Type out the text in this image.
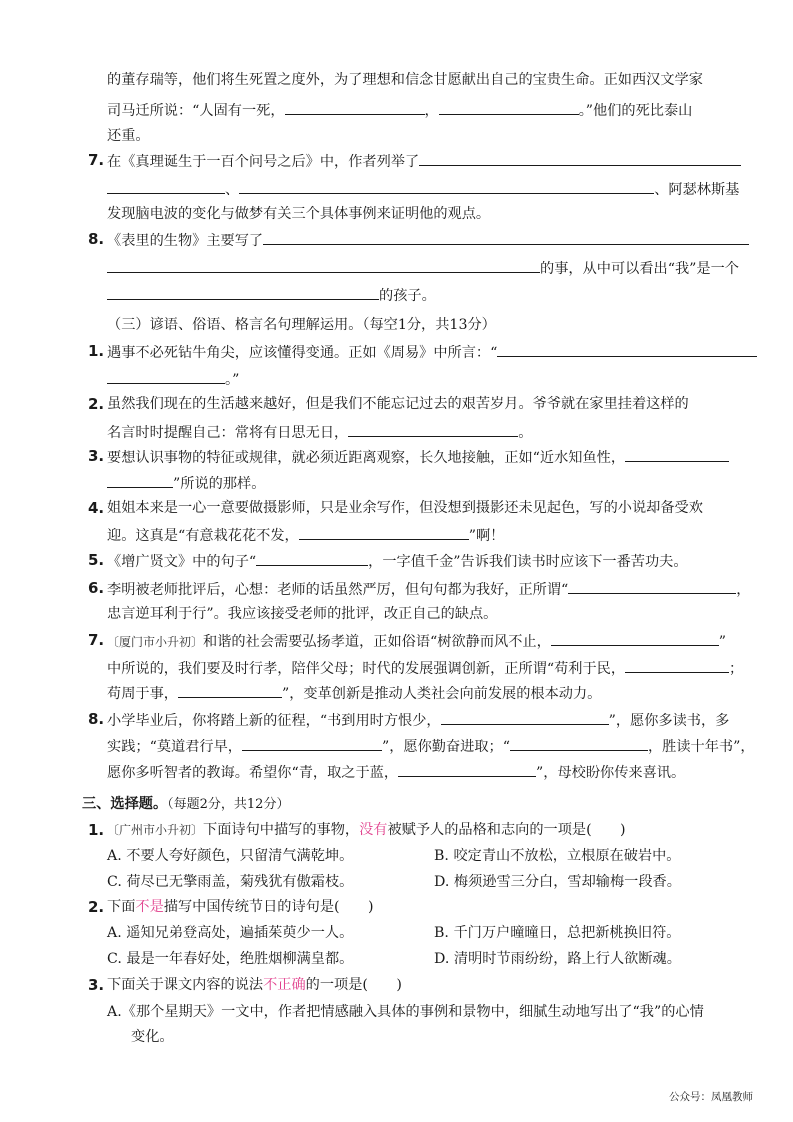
的董存瑞等，他们将生死置之度外，为了理想和信念甘愿献出自己的宝贵生命。正如西汉文学家
司马迁所说：“人固有一死，	，	。”他们的死比泰山
还重。
7. 在《真理诞生于一百个问号之后》中，作者列举了
、	、阿瑟林斯基
发现脑电波的变化与做梦有关三个具体事例来证明他的观点。
8. 《表里的生物》主要写了
的事，从中可以看出“我”是一个
的孩子。
（三）谚语、俗语、格言名句理解运用。（每空1分，共13分）
1. 遇事不必死钻牛角尖，应该懂得变通。正如《周易》中所言：“
。”
2. 虽然我们现在的生活越来越好，但是我们不能忘记过去的艰苦岁月。爷爷就在家里挂着这样的
名言时时提醒自己：常将有日思无日，	。
3. 要想认识事物的特征或规律，就必须近距离观察，长久地接触，正如“近水知鱼性，
”所说的那样。
4. 姐姐本来是一心一意要做摄影师，只是业余写作，但没想到摄影还未见起色，写的小说却备受欢
迎。这真是“有意栽花花不发，	”啊！
5. 《增广贤文》中的句子“	，一字值千金”告诉我们读书时应该下一番苦功夫。
6. 李明被老师批评后，心想：老师的话虽然严厉，但句句都为我好，正所谓“	，
忠言逆耳利于行”。我应该接受老师的批评，改正自己的缺点。
7. 〔厦门市小升初〕和谐的社会需要弘扬孝道，正如俗语“树欲静而风不止，	”
中所说的，我们要及时行孝，陪伴父母；时代的发展强调创新，正所谓“苟利于民，	；
苟周于事，	”，变革创新是推动人类社会向前发展的根本动力。
8. 小学毕业后，你将踏上新的征程，“书到用时方恨少，	”，愿你多读书，多
实践；“莫道君行早，	”，愿你勤奋进取；“	，胜读十年书”，
愿你多听智者的教诲。希望你“青，取之于蓝，	”，母校盼你传来喜讯。
三、选择题。（每题2分，共12分）
1. 〔广州市小升初〕下面诗句中描写的事物，没有被赋予人的品格和志向的一项是(　　)
A. 不要人夸好颜色，只留清气满乾坤。	B. 咬定青山不放松，立根原在破岩中。
C. 荷尽已无擎雨盖，菊残犹有傲霜枝。	D. 梅须逊雪三分白，雪却输梅一段香。
2. 下面不是描写中国传统节日的诗句是(　　)
A. 遥知兄弟登高处，遍插茱萸少一人。	B. 千门万户曈曈日，总把新桃换旧符。
C. 最是一年春好处，绝胜烟柳满皇都。	D. 清明时节雨纷纷，路上行人欲断魂。
3. 下面关于课文内容的说法不正确的一项是(　　)
A.《那个星期天》一文中，作者把情感融入具体的事例和景物中，细腻生动地写出了“我”的心情
变化。
公众号：凤凰教师
